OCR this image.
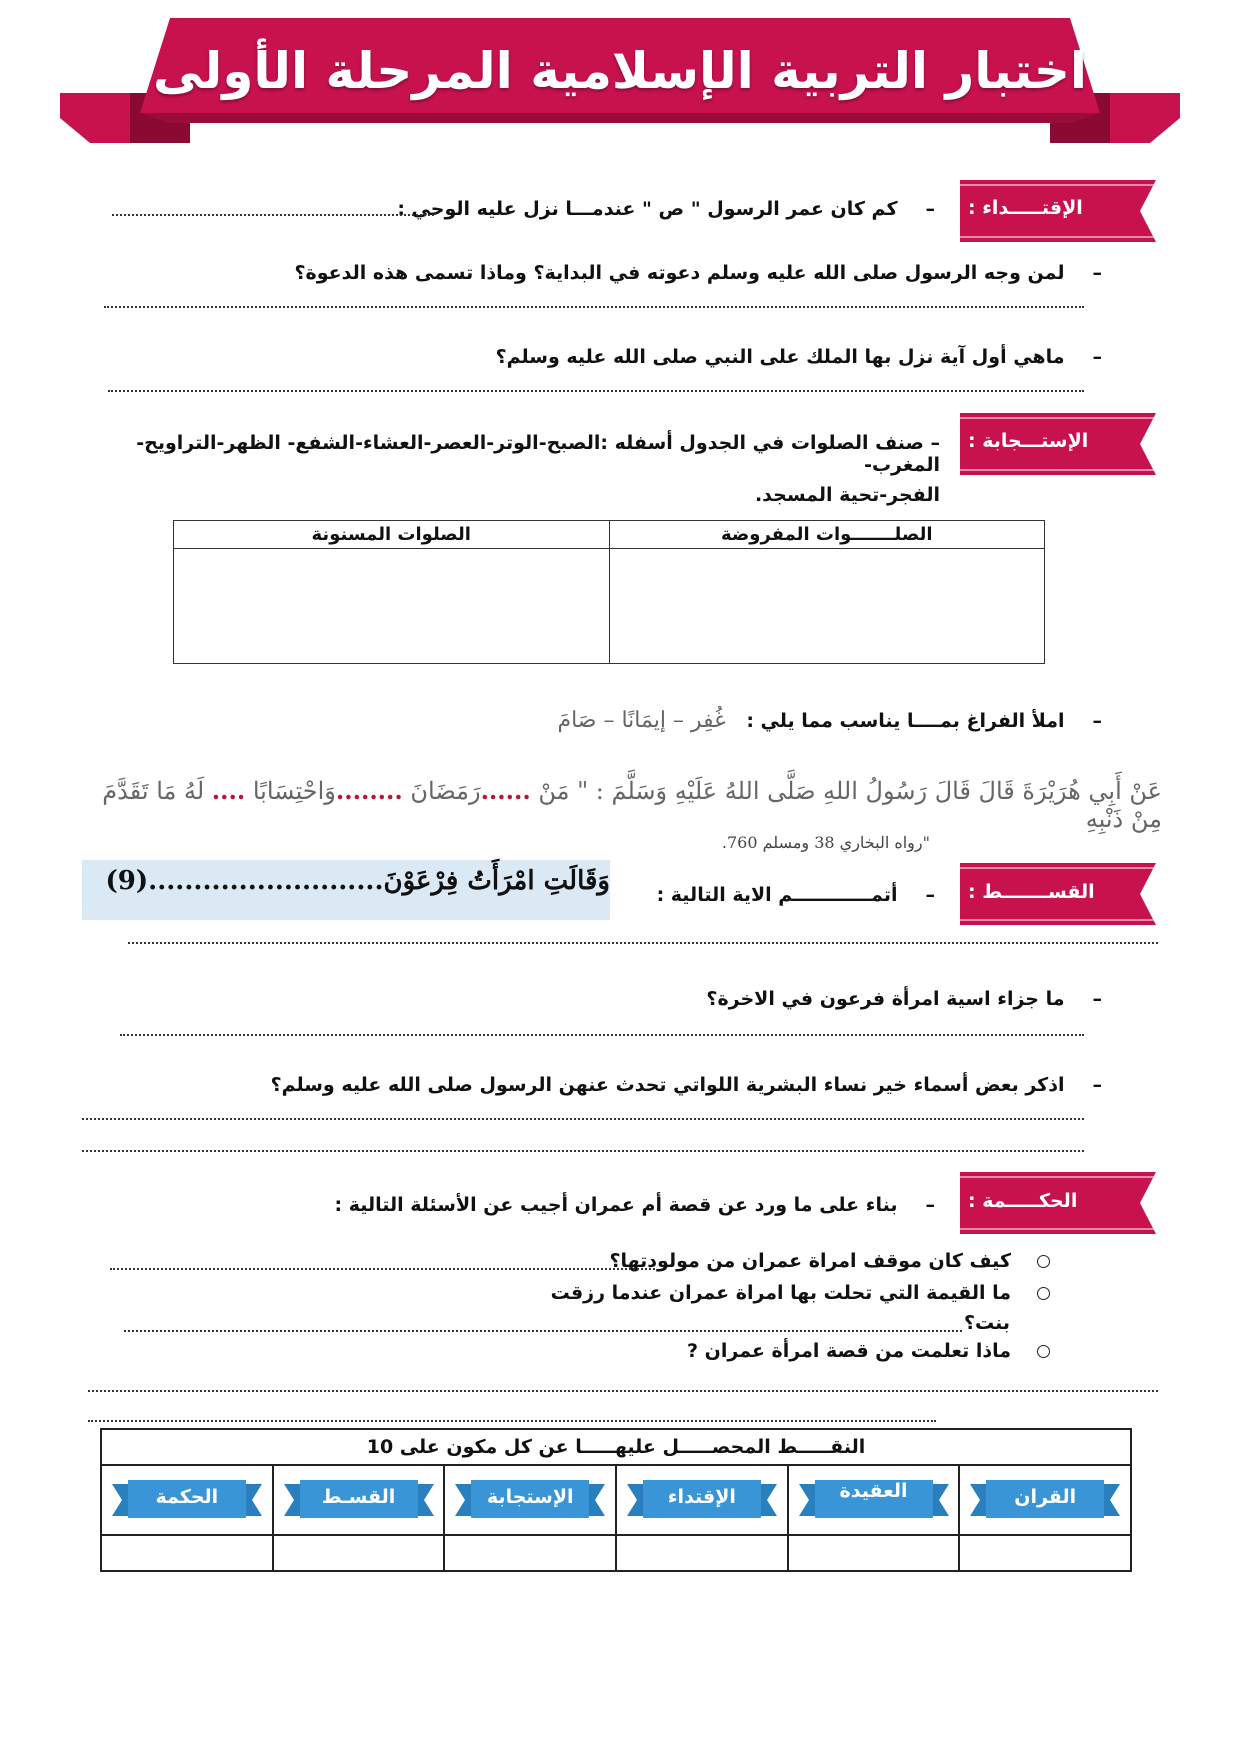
اختبار التربية الإسلامية المرحلة الأولى
الإقتـــــداء :
الإستـــجابة :
القســـــــط :
الحكـــــمة :
–كم كان عمر الرسول " ص " عندمـــا نزل عليه الوحي :
–لمن وجه الرسول صلى الله عليه وسلم دعوته في البداية؟ وماذا تسمى هذه الدعوة؟
–ماهي أول آية نزل بها الملك على النبي صلى الله عليه وسلم؟
– صنف الصلوات في الجدول أسفله :الصبح-الوتر-العصر-العشاء-الشفع- الظهر-التراويح-المغرب-
الفجر-تحية المسجد.
الصلـــــــوات المفروضة	الصلوات المسنونة

–املأ الفراغ بمــــا يناسب مما يلي : غُفِر – إيمَانًا – صَامَ
عَنْ أَبِي هُرَيْرَةَ قَالَ قَالَ رَسُولُ اللهِ صَلَّى اللهُ عَلَيْهِ وَسَلَّمَ : " مَنْ ......رَمَضَانَ ........وَاحْتِسَابًا .... لَهُ مَا تَقَدَّمَ مِنْ ذَنْبِهِ
"رواه البخاري 38 ومسلم 760.
وَقَالَتِ امْرَأَتُ فِرْعَوْنَ..........................(9)	–أتمــــــــــــم الاية التالية :
–ما جزاء اسية امرأة فرعون في الاخرة؟
–اذكر بعض أسماء خير نساء البشرية اللواتي تحدث عنهن الرسول صلى الله عليه وسلم؟
–بناء على ما ورد عن قصة أم عمران أجيب عن الأسئلة التالية :
كيف كان موقف امراة عمران من مولودتها؟
ما القيمة التي تحلت بها امراة عمران عندما رزقت
بنت؟
ماذا تعلمت من قصة امرأة عمران ?
النقـــــط المحصـــــل عليهـــــا عن كل مكون على 10					

القران	العقيدة	الإقتداء	الإستجابة	القسـط	الحكمة
